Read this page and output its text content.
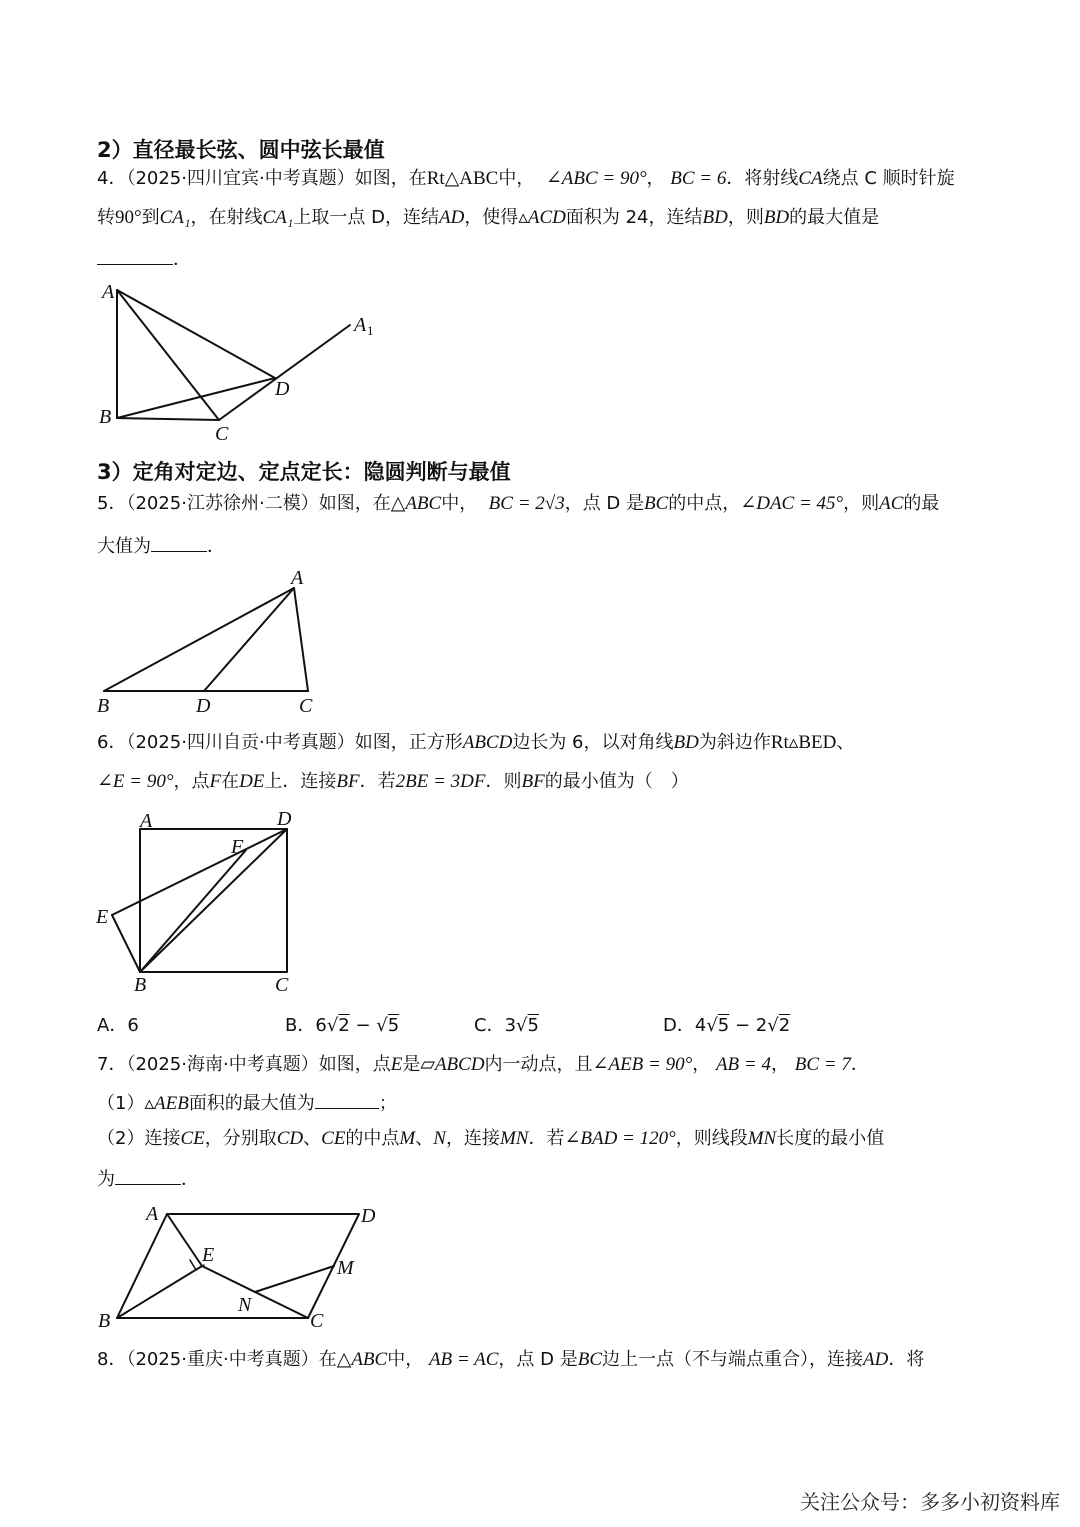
2）直径最长弦、圆中弦长最值
4．（2025·四川宜宾·中考真题）如图，在Rt△ABC中， ∠ABC = 90°， BC = 6．将射线CA绕点 C 顺时针旋
转90°到CA₁，在射线CA₁上取一点 D，连结AD，使得▵ACD面积为 24，连结BD，则BD的最大值是
．
A
A 1
B
C
D
3）定角对定边、定点定长：隐圆判断与最值
5．（2025·江苏徐州·二模）如图，在△ABC中， BC = 2√3，点 D 是BC的中点，∠DAC = 45°，则AC的最
大值为	．
A
B	D	C
6．（2025·四川自贡·中考真题）如图，正方形ABCD边长为 6，以对角线BD为斜边作Rt▵BED、
∠E = 90°，点F在DE上．连接BF．若2BE = 3DF．则BF的最小值为（　）
A	D
F
E
B	C
A．6	B．6√2 − √5	C．3√5	D．4√5 − 2√2
7．（2025·海南·中考真题）如图，点E是▱ABCD内一动点，且∠AEB = 90°， AB = 4， BC = 7．
（1）▵AEB面积的最大值为	；
（2）连接CE，分别取CD、CE的中点M、N，连接MN．若∠BAD = 120°，则线段MN长度的最小值
为	．
A	D
E
M
N
B	C
8．（2025·重庆·中考真题）在△ABC中， AB = AC，点 D 是BC边上一点（不与端点重合），连接AD．将
关注公众号：多多小初资料库
